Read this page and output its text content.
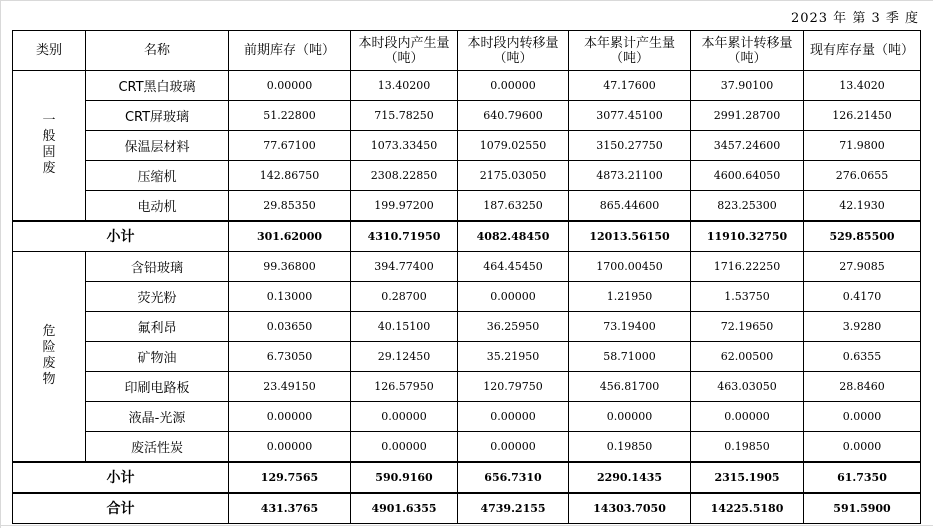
2023 年 第 3 季 度
类别	名称	前期库存（吨）	本时段内产生量（吨）	本时段内转移量（吨）	本年累计产生量（吨）	本年累计转移量（吨）	现有库存量（吨）
一般固废	CRT黑白玻璃	0.00000	13.40200	0.00000	47.17600	37.90100	13.4020
	CRT屏玻璃	51.22800	715.78250	640.79600	3077.45100	2991.28700	126.21450
	保温层材料	77.67100	1073.33450	1079.02550	3150.27750	3457.24600	71.9800
	压缩机	142.86750	2308.22850	2175.03050	4873.21100	4600.64050	276.0655
	电动机	29.85350	199.97200	187.63250	865.44600	823.25300	42.1930
小计		301.62000	4310.71950	4082.48450	12013.56150	11910.32750	529.85500
危险废物	含铅玻璃	99.36800	394.77400	464.45450	1700.00450	1716.22250	27.9085
	荧光粉	0.13000	0.28700	0.00000	1.21950	1.53750	0.4170
	氟利昂	0.03650	40.15100	36.25950	73.19400	72.19650	3.9280
	矿物油	6.73050	29.12450	35.21950	58.71000	62.00500	0.6355
	印刷电路板	23.49150	126.57950	120.79750	456.81700	463.03050	28.8460
	液晶-光源	0.00000	0.00000	0.00000	0.00000	0.00000	0.0000
	废活性炭	0.00000	0.00000	0.00000	0.19850	0.19850	0.0000
小计		129.7565	590.9160	656.7310	2290.1435	2315.1905	61.7350
合计		431.3765	4901.6355	4739.2155	14303.7050	14225.5180	591.5900
